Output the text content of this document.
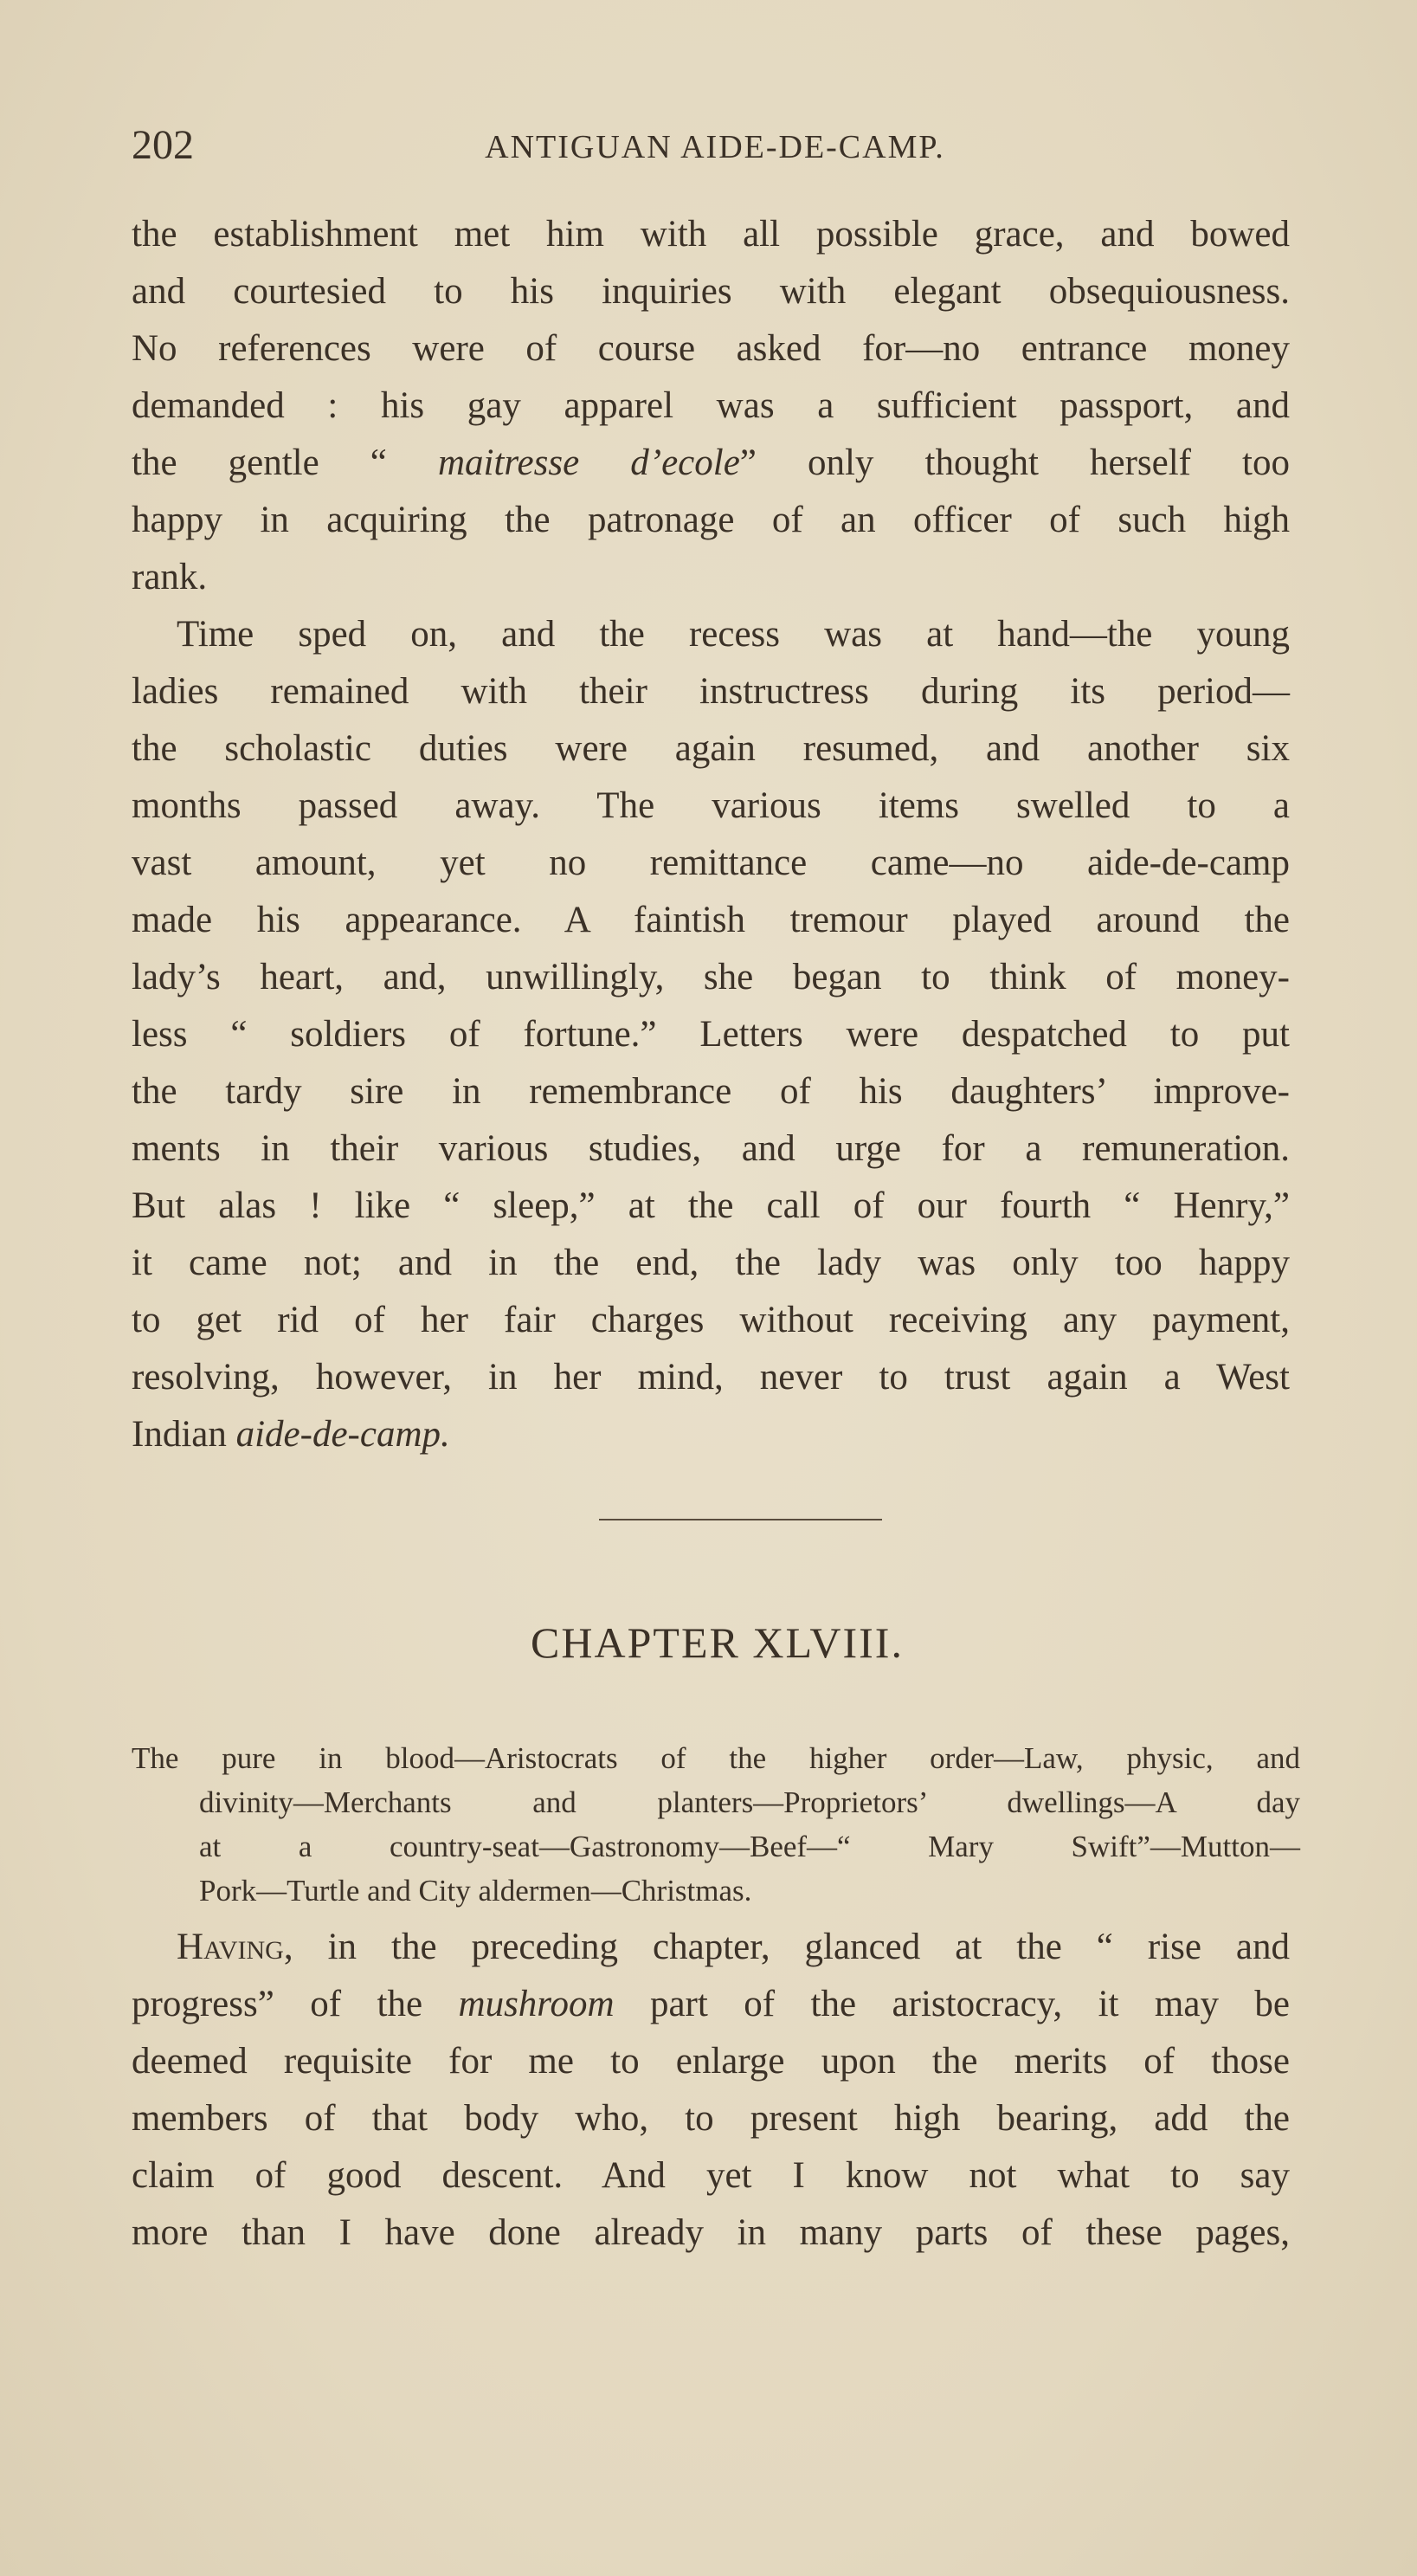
202	ANTIGUAN AIDE-DE-CAMP.
the establishment met him with all possible grace, and bowed
and courtesied to his inquiries with elegant obsequiousness.
No references were of course asked for—no entrance money
demanded : his gay apparel was a sufficient passport, and
the gentle “ maitresse d’ecole” only thought herself too
happy in acquiring the patronage of an officer of such high
rank.
Time sped on, and the recess was at hand—the young
ladies remained with their instructress during its period—
the scholastic duties were again resumed, and another six
months passed away. The various items swelled to a
vast amount, yet no remittance came—no aide-de-camp
made his appearance. A faintish tremour played around the
lady’s heart, and, unwillingly, she began to think of money-
less “ soldiers of fortune.” Letters were despatched to put
the tardy sire in remembrance of his daughters’ improve-
ments in their various studies, and urge for a remuneration.
But alas ! like “ sleep,” at the call of our fourth “ Henry,”
it came not; and in the end, the lady was only too happy
to get rid of her fair charges without receiving any payment,
resolving, however, in her mind, never to trust again a West
Indian aide-de-camp.
CHAPTER XLVIII.
The pure in blood—Aristocrats of the higher order—Law, physic, and
divinity—Merchants and planters—Proprietors’ dwellings—A day
at a country-seat—Gastronomy—Beef—“ Mary Swift”—Mutton—
Pork—Turtle and City aldermen—Christmas.
Having, in the preceding chapter, glanced at the “ rise and
progress” of the mushroom part of the aristocracy, it may be
deemed requisite for me to enlarge upon the merits of those
members of that body who, to present high bearing, add the
claim of good descent. And yet I know not what to say
more than I have done already in many parts of these pages,
